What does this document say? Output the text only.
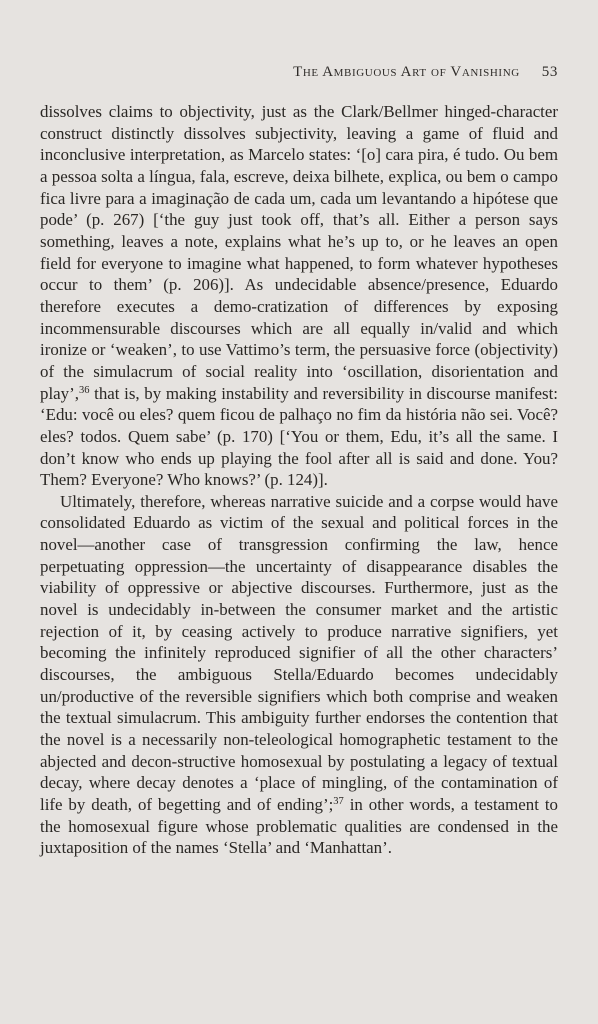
The Ambiguous Art of Vanishing 53

dissolves claims to objectivity, just as the Clark/Bellmer hinged-character construct distinctly dissolves subjectivity, leaving a game of fluid and inconclusive interpretation, as Marcelo states: ‘[o] cara pira, é tudo. Ou bem a pessoa solta a língua, fala, escreve, deixa bilhete, explica, ou bem o campo fica livre para a imaginação de cada um, cada um levantando a hipótese que pode’ (p. 267) [‘the guy just took off, that’s all. Either a person says something, leaves a note, explains what he’s up to, or he leaves an open field for everyone to imagine what happened, to form whatever hypotheses occur to them’ (p. 206)]. As undecidable absence/presence, Eduardo therefore executes a demo-cratization of differences by exposing incommensurable discourses which are all equally in/valid and which ironize or ‘weaken’, to use Vattimo’s term, the persuasive force (objectivity) of the simulacrum of social reality into ‘oscillation, disorientation and play’,$^{36}$ that is, by making instability and reversibility in discourse manifest: ‘Edu: você ou eles? quem ficou de palhaço no fim da história não sei. Você? eles? todos. Quem sabe’ (p. 170) [‘You or them, Edu, it’s all the same. I don’t know who ends up playing the fool after all is said and done. You? Them? Everyone? Who knows?’ (p. 124)].

Ultimately, therefore, whereas narrative suicide and a corpse would have consolidated Eduardo as victim of the sexual and political forces in the novel—another case of transgression confirming the law, hence perpetuating oppression—the uncertainty of disappearance disables the viability of oppressive or abjective discourses. Furthermore, just as the novel is undecidably in-between the consumer market and the artistic rejection of it, by ceasing actively to produce narrative signifiers, yet becoming the infinitely reproduced signifier of all the other characters’ discourses, the ambiguous Stella/Eduardo becomes undecidably un/productive of the reversible signifiers which both comprise and weaken the textual simulacrum. This ambiguity further endorses the contention that the novel is a necessarily non-teleological homographetic testament to the abjected and decon-structive homosexual by postulating a legacy of textual decay, where decay denotes a ‘place of mingling, of the contamination of life by death, of begetting and of ending’;$^{37}$ in other words, a testament to the homosexual figure whose problematic qualities are condensed in the juxtaposition of the names ‘Stella’ and ‘Manhattan’.
